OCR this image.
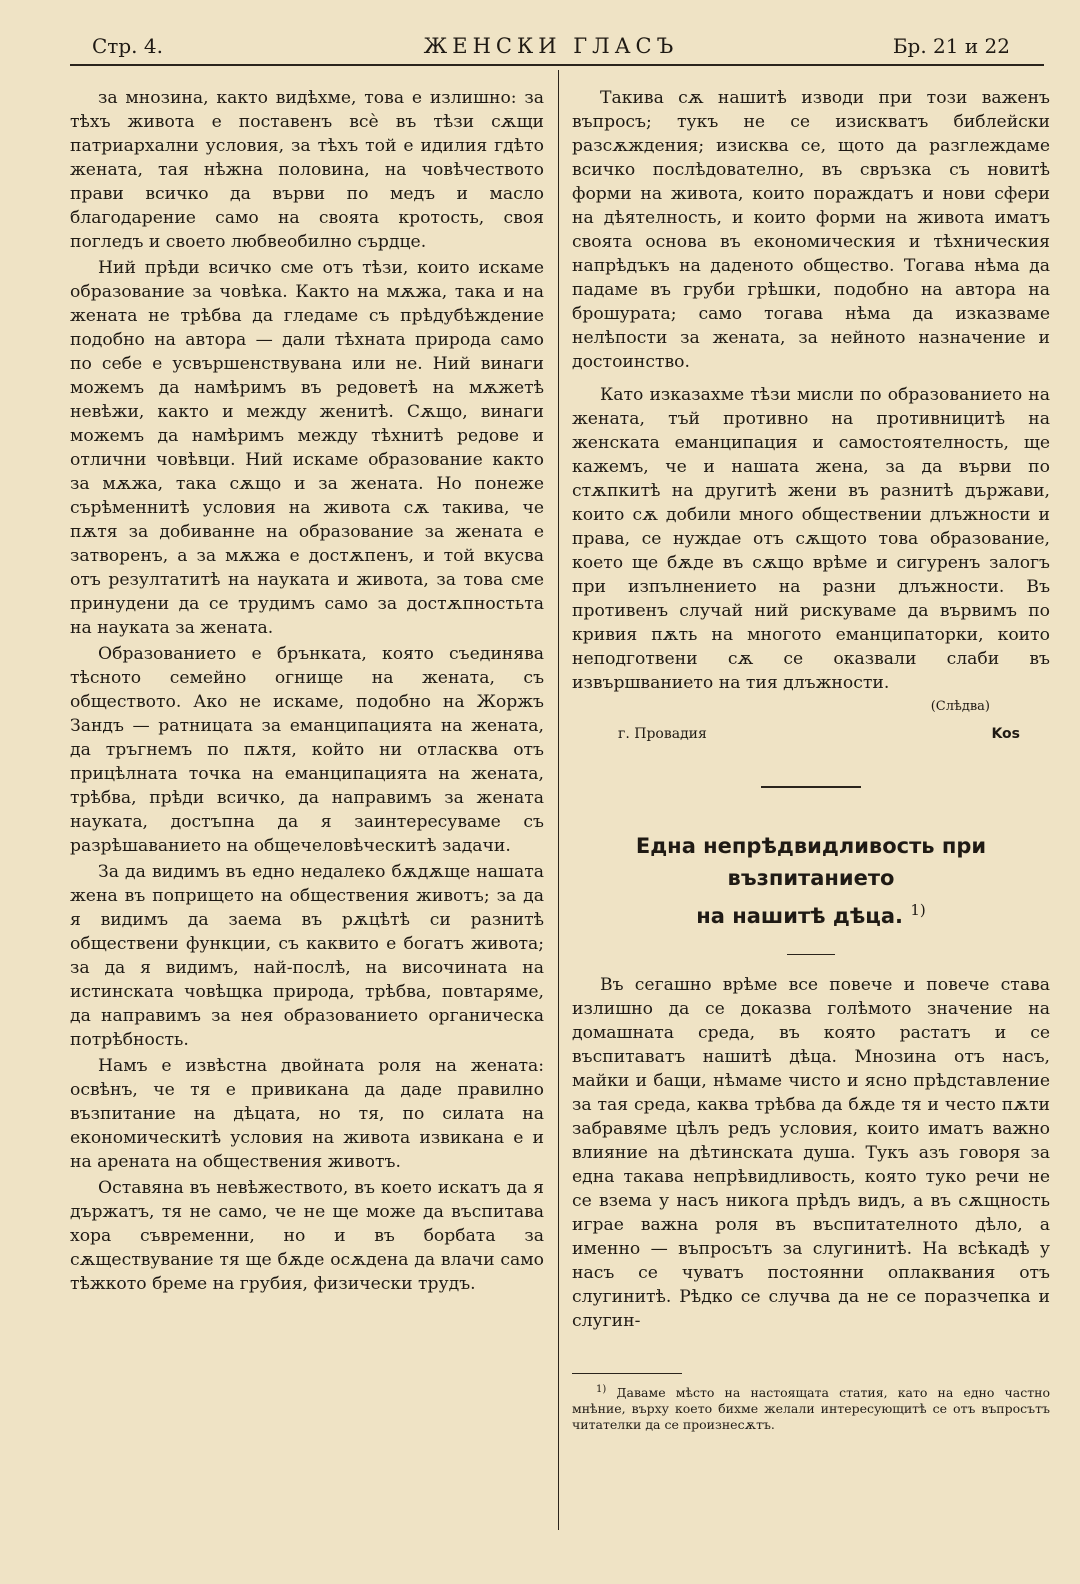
Стр. 4.	ЖЕНСКИ ГЛАСЪ	Бр. 21 и 22

за мнозина, както видѣхме, това е излишно: за тѣхъ живота е поставенъ всѐ въ тѣзи сѫщи патриархални условия, за тѣхъ той е идилия гдѣто жената, тая нѣжна половина, на човѣчеството прави всичко да върви по медъ и масло благодарение само на своята кротость, своя погледъ и своето любвеобилно сърдце.

Ний прѣди всичко сме отъ тѣзи, които искаме образование за човѣка. Както на мѫжа, така и на жената не трѣбва да гледаме съ прѣдубѣждение подобно на автора — дали тѣхната природа само по себе е усвършенствувана или не. Ний винаги можемъ да намѣримъ въ редоветѣ на мѫжетѣ невѣжи, както и между женитѣ. Сѫщо, винаги можемъ да намѣримъ между тѣхнитѣ редове и отлични човѣвци. Ний искаме образование както за мѫжа, така сѫщо и за жената. Но понеже сърѣменнитѣ условия на живота сѫ такива, че пѫтя за добиванне на образование за жената е затворенъ, а за мѫжа е достѫпенъ, и той вкусва отъ резултатитѣ на науката и живота, за това сме принудени да се трудимъ само за достѫпностьта на науката за жената.

Образованието е брънката, която съединява тѣсното семейно огнище на жената, съ обществото. Ако не искаме, подобно на Жоржъ Зандъ — ратницата за еманципацията на жената, да тръгнемъ по пѫтя, който ни отласква отъ прицѣлната точка на еманципацията на жената, трѣбва, прѣди всичко, да направимъ за жената науката, достъпна да я заинтересуваме съ разрѣшаванието на общечеловѣческитѣ задачи.

За да видимъ въ едно недалеко бѫдѫще нашата жена въ попрището на обществения животъ; за да я видимъ да заема въ рѫцѣтѣ си разнитѣ обществени функции, съ каквито е богатъ живота; за да я видимъ, най-послѣ, на височината на истинската човѣщка природа, трѣбва, повтаряме, да направимъ за нея образованието органическа потрѣбность.

Намъ е извѣстна двойната роля на жената: освѣнъ, че тя е привикана да даде правилно възпитание на дѣцата, но тя, по силата на економическитѣ условия на живота извикана е и на арената на обществения животъ.

Оставяна въ невѣжеството, въ което искатъ да я държатъ, тя не само, че не ще може да въспитава хора съвременни, но и въ борбата за сѫществувание тя ще бѫде осѫдена да влачи само тѣжкото бреме на грубия, физически трудъ.

Такива сѫ нашитѣ изводи при този важенъ въпросъ; тукъ не се изискватъ библейски разсѫждения; изисква се, щото да разглеждаме всичко послѣдователно, въ свръзка съ новитѣ форми на живота, които пораждатъ и нови сфери на дѣятелность, и които форми на живота иматъ своята основа въ економическия и тѣхническия напрѣдъкъ на даденото общество. Тогава нѣма да падаме въ груби грѣшки, подобно на автора на брошурата; само тогава нѣма да изказваме нелѣпости за жената, за нейното назначение и достоинство.

Като изказахме тѣзи мисли по образованието на жената, тъй противно на противницитѣ на женската еманципация и самостоятелность, ще кажемъ, че и нашата жена, за да върви по стѫпкитѣ на другитѣ жени въ разнитѣ държави, които сѫ добили много обществении длъжности и права, се нуждае отъ сѫщото това образование, което ще бѫде въ сѫщо врѣме и сигуренъ залогъ при изпълнението на разни длъжности. Въ противенъ случай ний рискуваме да вървимъ по кривия пѫть на многото еманципаторки, които неподготвени сѫ се оказвали слаби въ извършванието на тия длъжности.

(Слѣдва)
г. Провадия	Kos
Една непрѣдвидливость при възпитанието
на нашитѣ дѣца. $^{1)}$

Въ сегашно врѣме все повече и повече става излишно да се доказва голѣмото значение на домашната среда, въ която растатъ и се въспитаватъ нашитѣ дѣца. Мнозина отъ насъ, майки и бащи, нѣмаме чисто и ясно прѣдставление за тая среда, каква трѣбва да бѫде тя и често пѫти забравяме цѣлъ редъ условия, които иматъ важно влияние на дѣтинската душа. Тукъ азъ говоря за една такава непрѣвидливость, която туко речи не се взема у насъ никога прѣдъ видъ, а въ сѫщность играе важна роля въ въспитателното дѣло, а именно — въпросътъ за слугинитѣ. На всѣкадѣ у насъ се чуватъ постоянни оплаквания отъ слугинитѣ. Рѣдко се случва да не се поразчепка и слугин-

$^{1)}$ Даваме мѣсто на настоящата статия, като на едно частно мнѣние, върху което бихме желали интересующитѣ се отъ въпросътъ читателки да се произнесѫтъ.
